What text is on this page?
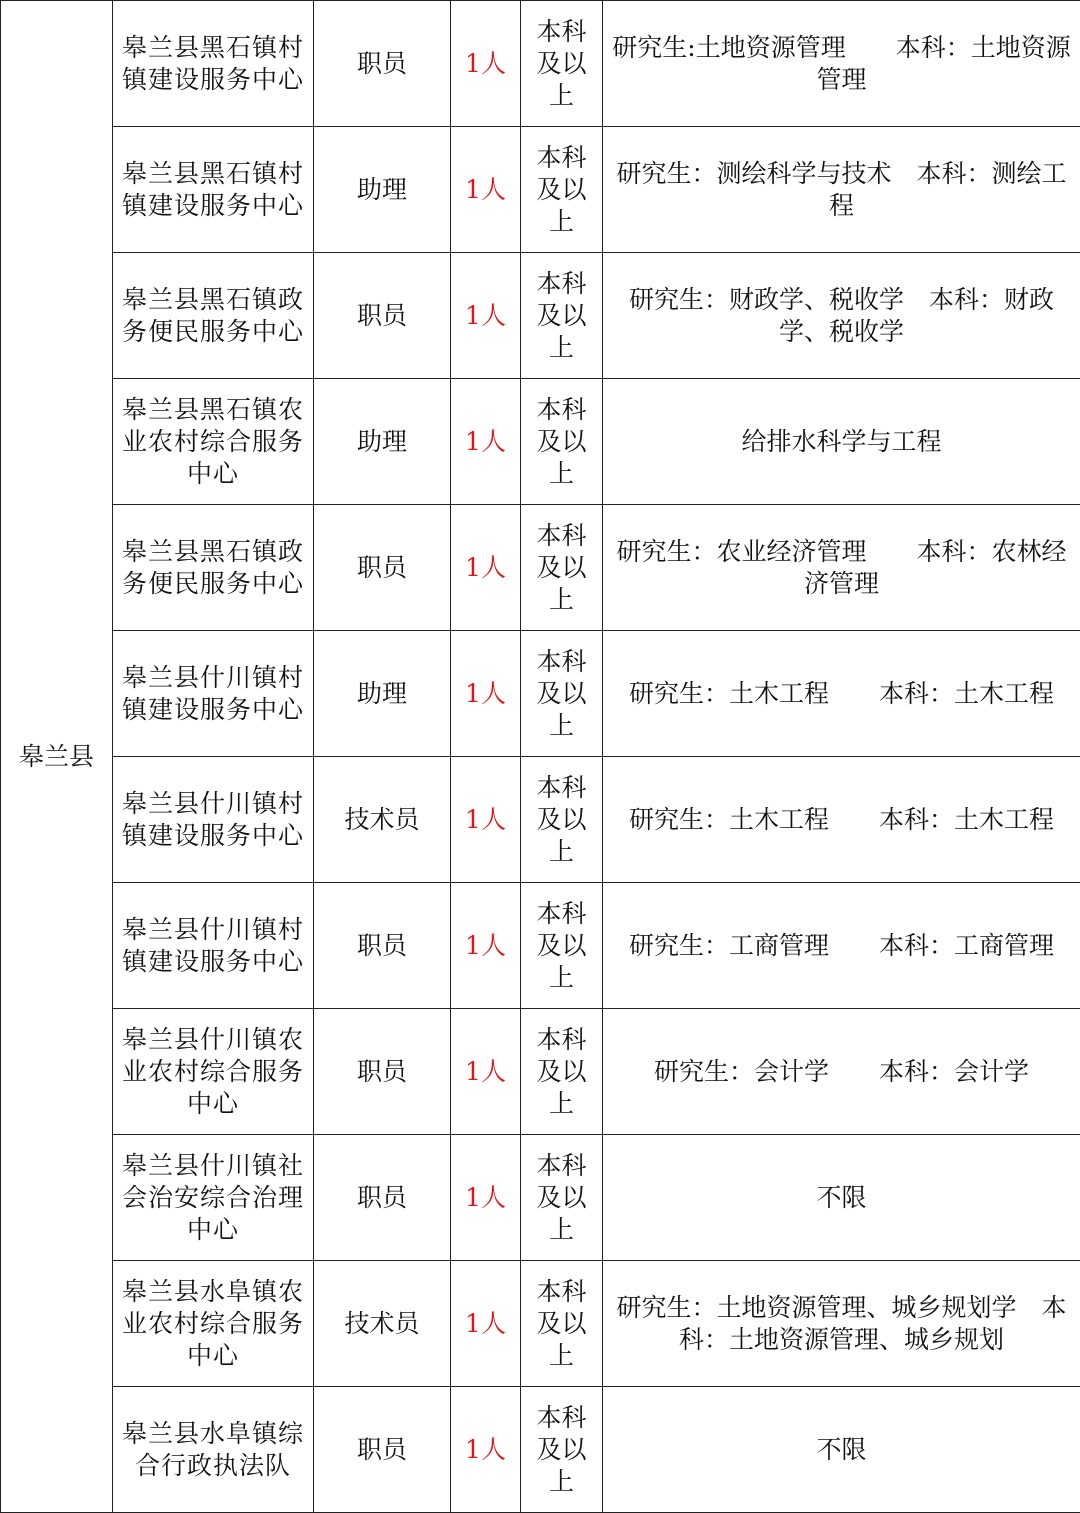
皋兰县	皋兰县黑石镇村镇建设服务中心	职员	1人	本科及以上	研究生:土地资源管理　　本科：土地资源管理
	皋兰县黑石镇村镇建设服务中心	助理	1人	本科及以上	研究生：测绘科学与技术　本科：测绘工程
	皋兰县黑石镇政务便民服务中心	职员	1人	本科及以上	研究生：财政学、税收学　本科：财政学、税收学
	皋兰县黑石镇农业农村综合服务中心	助理	1人	本科及以上	给排水科学与工程
	皋兰县黑石镇政务便民服务中心	职员	1人	本科及以上	研究生：农业经济管理　　本科：农林经济管理
	皋兰县什川镇村镇建设服务中心	助理	1人	本科及以上	研究生：土木工程　　本科：土木工程
	皋兰县什川镇村镇建设服务中心	技术员	1人	本科及以上	研究生：土木工程　　本科：土木工程
	皋兰县什川镇村镇建设服务中心	职员	1人	本科及以上	研究生：工商管理　　本科：工商管理
	皋兰县什川镇农业农村综合服务中心	职员	1人	本科及以上	研究生：会计学　　本科：会计学
	皋兰县什川镇社会治安综合治理中心	职员	1人	本科及以上	不限
	皋兰县水阜镇农业农村综合服务中心	技术员	1人	本科及以上	研究生：土地资源管理、城乡规划学　本科：土地资源管理、城乡规划
	皋兰县水阜镇综合行政执法队	职员	1人	本科及以上	不限
